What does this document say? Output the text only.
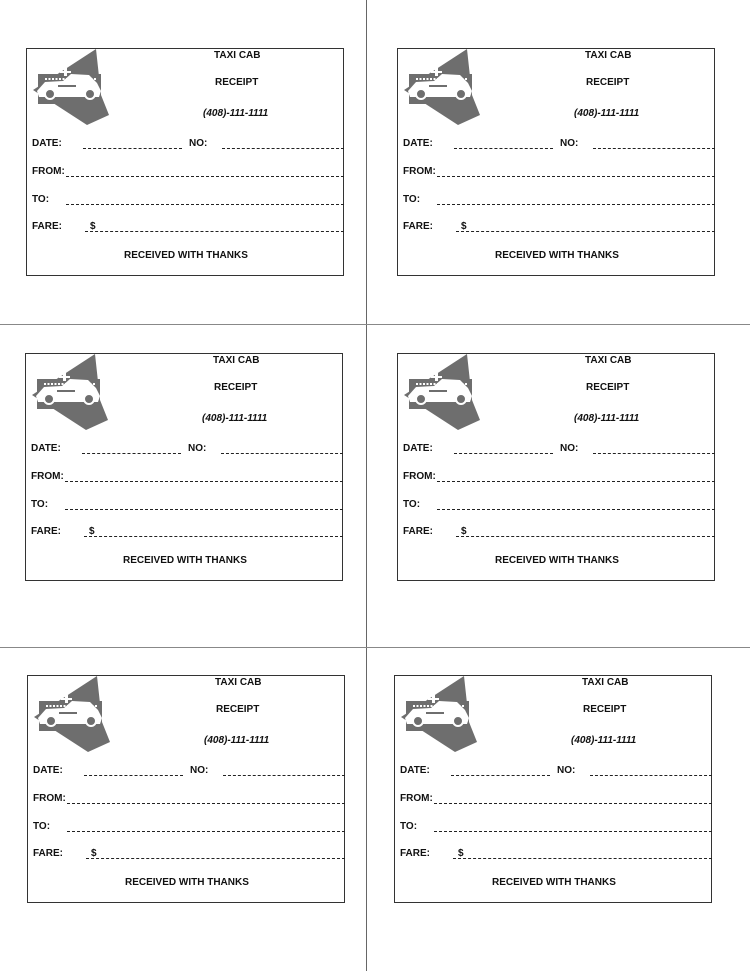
TAXI CAB
RECEIPT
(408)-111-1111
DATE:	NO:
FROM:
TO:
FARE:	$
RECEIVED WITH THANKS
TAXI CAB
RECEIPT
(408)-111-1111
DATE:	NO:
FROM:
TO:
FARE:	$
RECEIVED WITH THANKS
TAXI CAB
RECEIPT
(408)-111-1111
DATE:	NO:
FROM:
TO:
FARE:	$
RECEIVED WITH THANKS
TAXI CAB
RECEIPT
(408)-111-1111
DATE:	NO:
FROM:
TO:
FARE:	$
RECEIVED WITH THANKS
TAXI CAB
RECEIPT
(408)-111-1111
DATE:	NO:
FROM:
TO:
FARE:	$
RECEIVED WITH THANKS
TAXI CAB
RECEIPT
(408)-111-1111
DATE:	NO:
FROM:
TO:
FARE:	$
RECEIVED WITH THANKS
